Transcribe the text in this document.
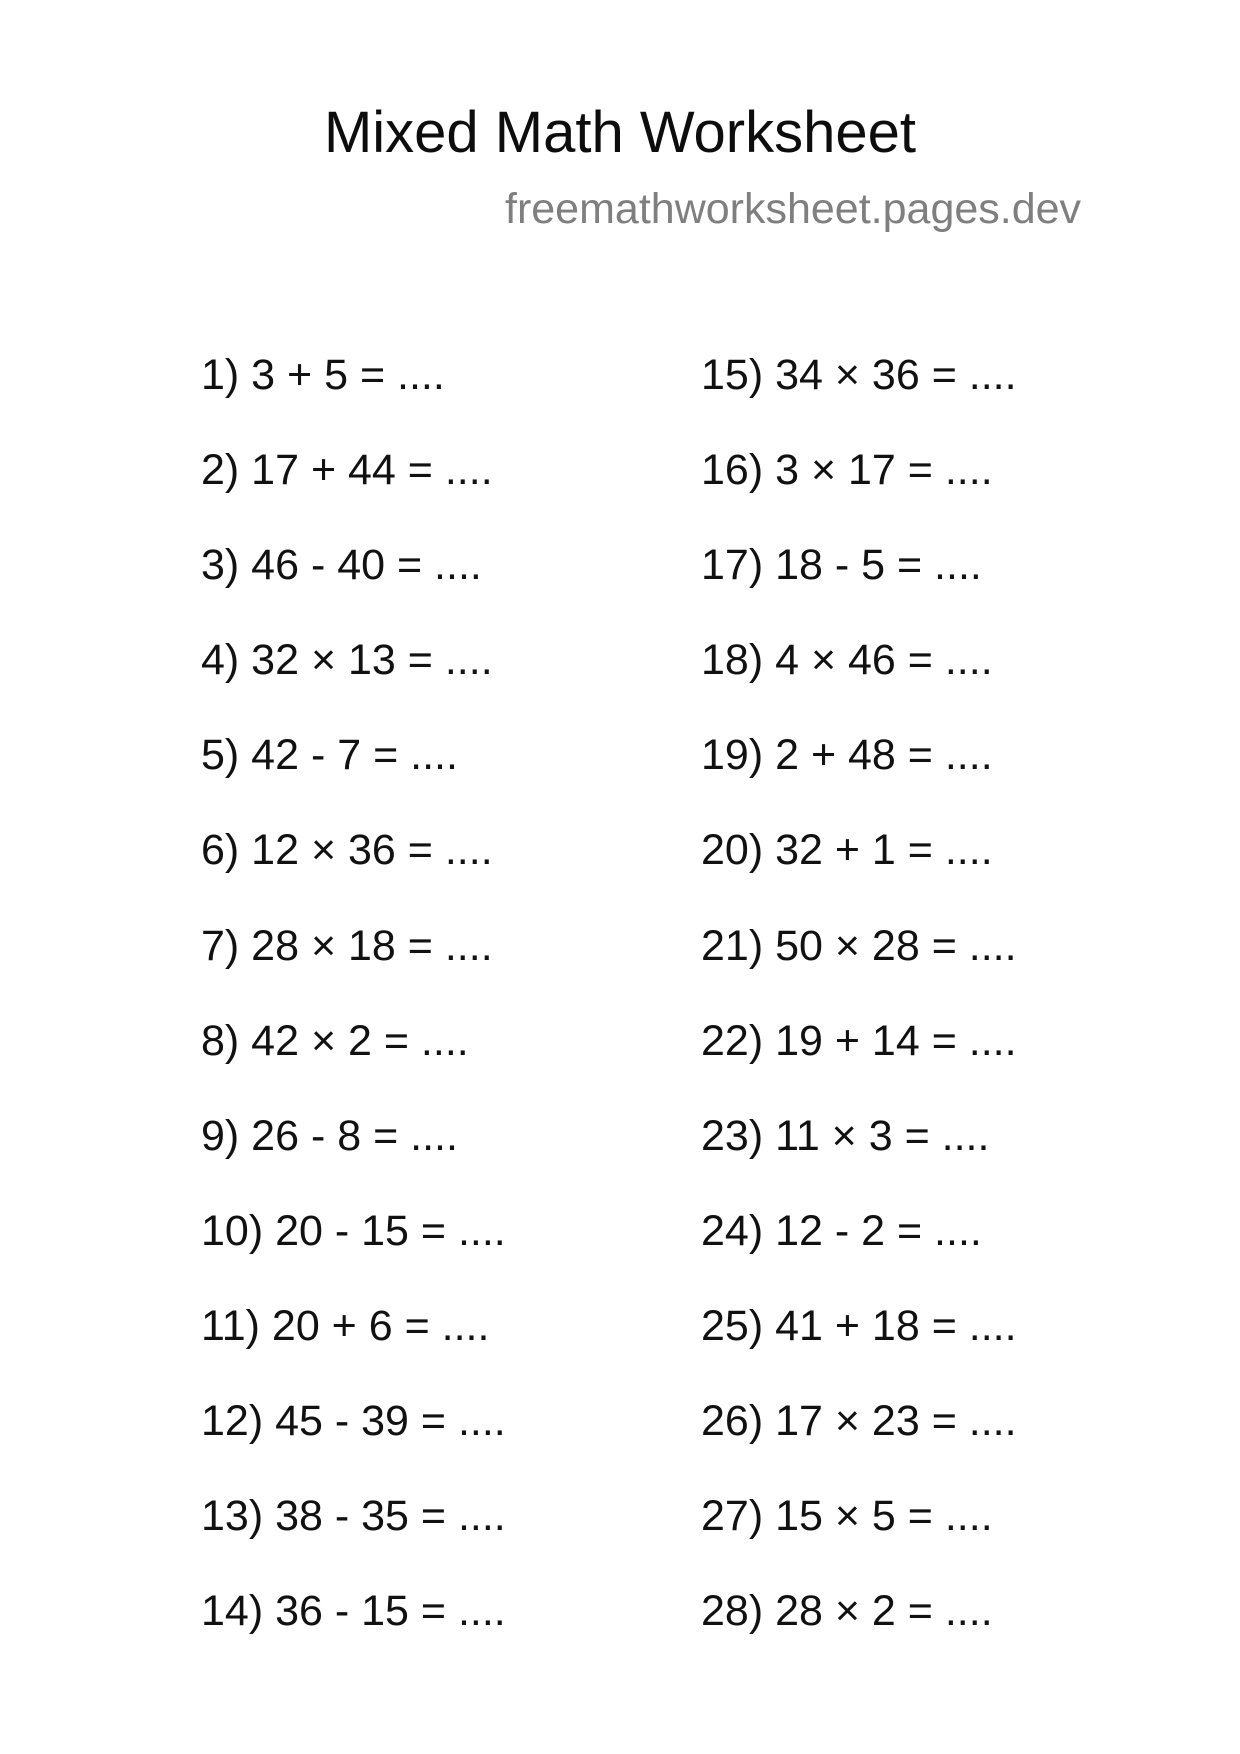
Mixed Math Worksheet
freemathworksheet.pages.dev
1) 3 + 5 = ....
2) 17 + 44 = ....
3) 46 - 40 = ....
4) 32 × 13 = ....
5) 42 - 7 = ....
6) 12 × 36 = ....
7) 28 × 18 = ....
8) 42 × 2 = ....
9) 26 - 8 = ....
10) 20 - 15 = ....
11) 20 + 6 = ....
12) 45 - 39 = ....
13) 38 - 35 = ....
14) 36 - 15 = ....
15) 34 × 36 = ....
16) 3 × 17 = ....
17) 18 - 5 = ....
18) 4 × 46 = ....
19) 2 + 48 = ....
20) 32 + 1 = ....
21) 50 × 28 = ....
22) 19 + 14 = ....
23) 11 × 3 = ....
24) 12 - 2 = ....
25) 41 + 18 = ....
26) 17 × 23 = ....
27) 15 × 5 = ....
28) 28 × 2 = ....
